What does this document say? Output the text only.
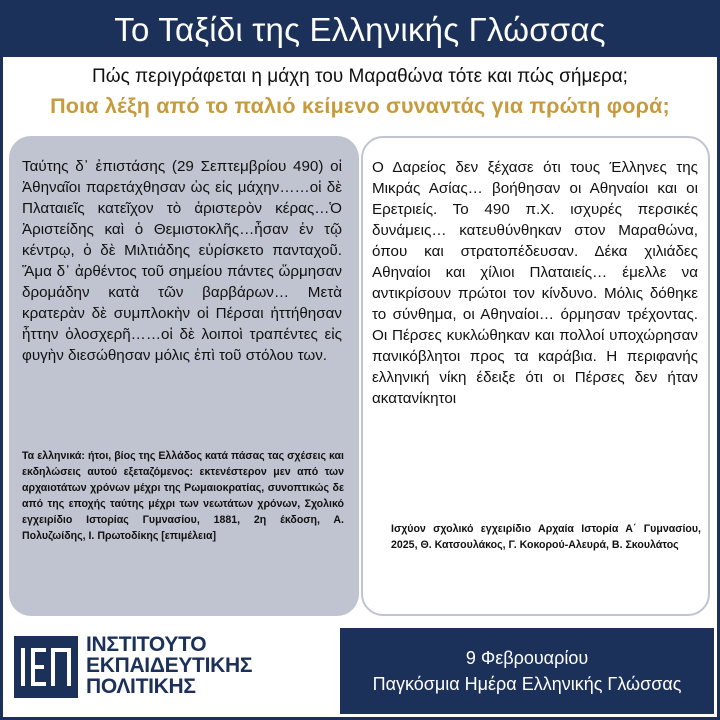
Το Ταξίδι της Ελληνικής Γλώσσας
Πώς περιγράφεται η μάχη του Μαραθώνα τότε και πώς σήμερα;
Ποια λέξη από το παλιό κείμενο συναντάς για πρώτη φορά;
Ταύτης δ᾽ ἐπιστάσης (29 Σεπτεμβρίου 490) οἱ Ἀθηναῖοι παρετάχθησαν ὡς εἰς μάχην……οἱ δὲ Πλαταιεῖς κατεῖχον τὸ ἀριστερὸν κέρας…Ὁ Ἀριστείδης καὶ ὁ Θεμιστοκλῆς…ἦσαν ἐν τῷ κέντρῳ, ὁ δὲ Μιλτιάδης εὑρίσκετο πανταχοῦ. Ἅμα δ᾽ ἀρθέντος τοῦ σημείου πάντες ὥρμησαν δρομάδην κατὰ τῶν βαρβάρων… Μετὰ κρατερὰν δὲ συμπλοκὴν οἱ Πέρσαι ἡττήθησαν ἧττην ὁλοσχερῆ……οἱ δὲ λοιποὶ τραπέντες εἰς φυγὴν διεσώθησαν μόλις ἐπὶ τοῦ στόλου των.
Τα ελληνικά: ήτοι, βίος της Ελλάδος κατά πάσας τας σχέσεις και εκδηλώσεις αυτού εξεταζόμενος: εκτενέστερον μεν από των αρχαιοτάτων χρόνων μέχρι της Ρωμαιοκρατίας, συνοπτικώς δε από της εποχής ταύτης μέχρι των νεωτάτων χρόνων, Σχολικό εγχειρίδιο Ιστορίας Γυμνασίου, 1881, 2η έκδοση, Α. Πολυζωίδης, Ι. Πρωτοδίκης [επιμέλεια]
Ο Δαρείος δεν ξέχασε ότι τους Έλληνες της Μικράς Ασίας… βοήθησαν οι Αθηναίοι και οι Ερετριείς. Το 490 π.Χ. ισχυρές περσικές δυνάμεις… κατευθύνθηκαν στον Μαραθώνα, όπου και στρατοπέδευσαν. Δέκα χιλιάδες Αθηναίοι και χίλιοι Πλαταιείς… έμελλε να αντικρίσουν πρώτοι τον κίνδυνο. Μόλις δόθηκε το σύνθημα, οι Αθηναίοι… όρμησαν τρέχοντας. Οι Πέρσες κυκλώθηκαν και πολλοί υποχώρησαν πανικόβλητοι προς τα καράβια. Η περιφανής ελληνική νίκη έδειξε ότι οι Πέρσες δεν ήταν ακατανίκητοι
Ισχύον σχολικό εγχειρίδιο Αρχαία Ιστορία Α΄ Γυμνασίου, 2025, Θ. Κατσουλάκος, Γ. Κοκορού-Αλευρά, Β. Σκουλάτος
ΙΝΣΤΙΤΟΥΤΟ
ΕΚΠΑΙΔΕΥΤΙΚΗΣ
ΠΟΛΙΤΙΚΗΣ
9 Φεβρουαρίου
Παγκόσμια Ημέρα Ελληνικής Γλώσσας
